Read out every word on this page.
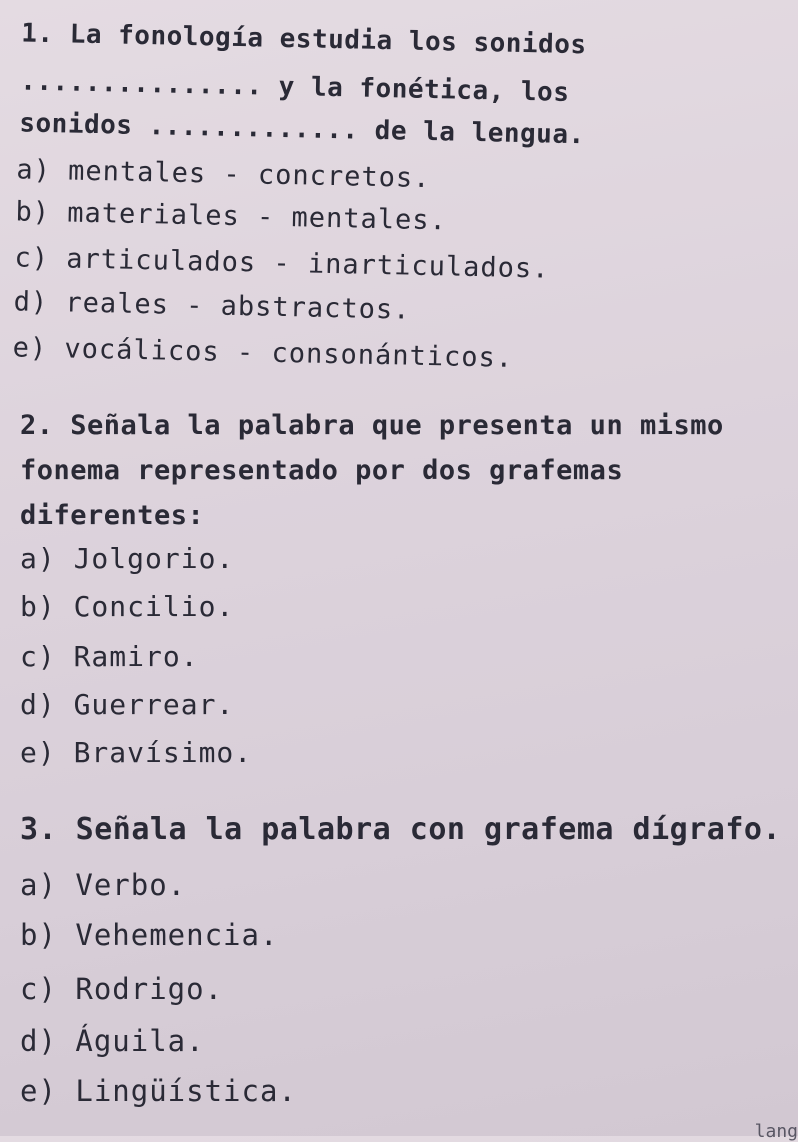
1. La fonología estudia los sonidos
............... y la fonética, los
sonidos ............. de la lengua.
a) mentales - concretos.
b) materiales - mentales.
c) articulados - inarticulados.
d) reales - abstractos.
e) vocálicos - consonánticos.
2. Señala la palabra que presenta un mismo
fonema representado por dos grafemas
diferentes:
a) Jolgorio.
b) Concilio.
c) Ramiro.
d) Guerrear.
e) Bravísimo.
3. Señala la palabra con grafema dígrafo.
a) Verbo.
b) Vehemencia.
c) Rodrigo.
d) Águila.
e) Lingüística.
lang
